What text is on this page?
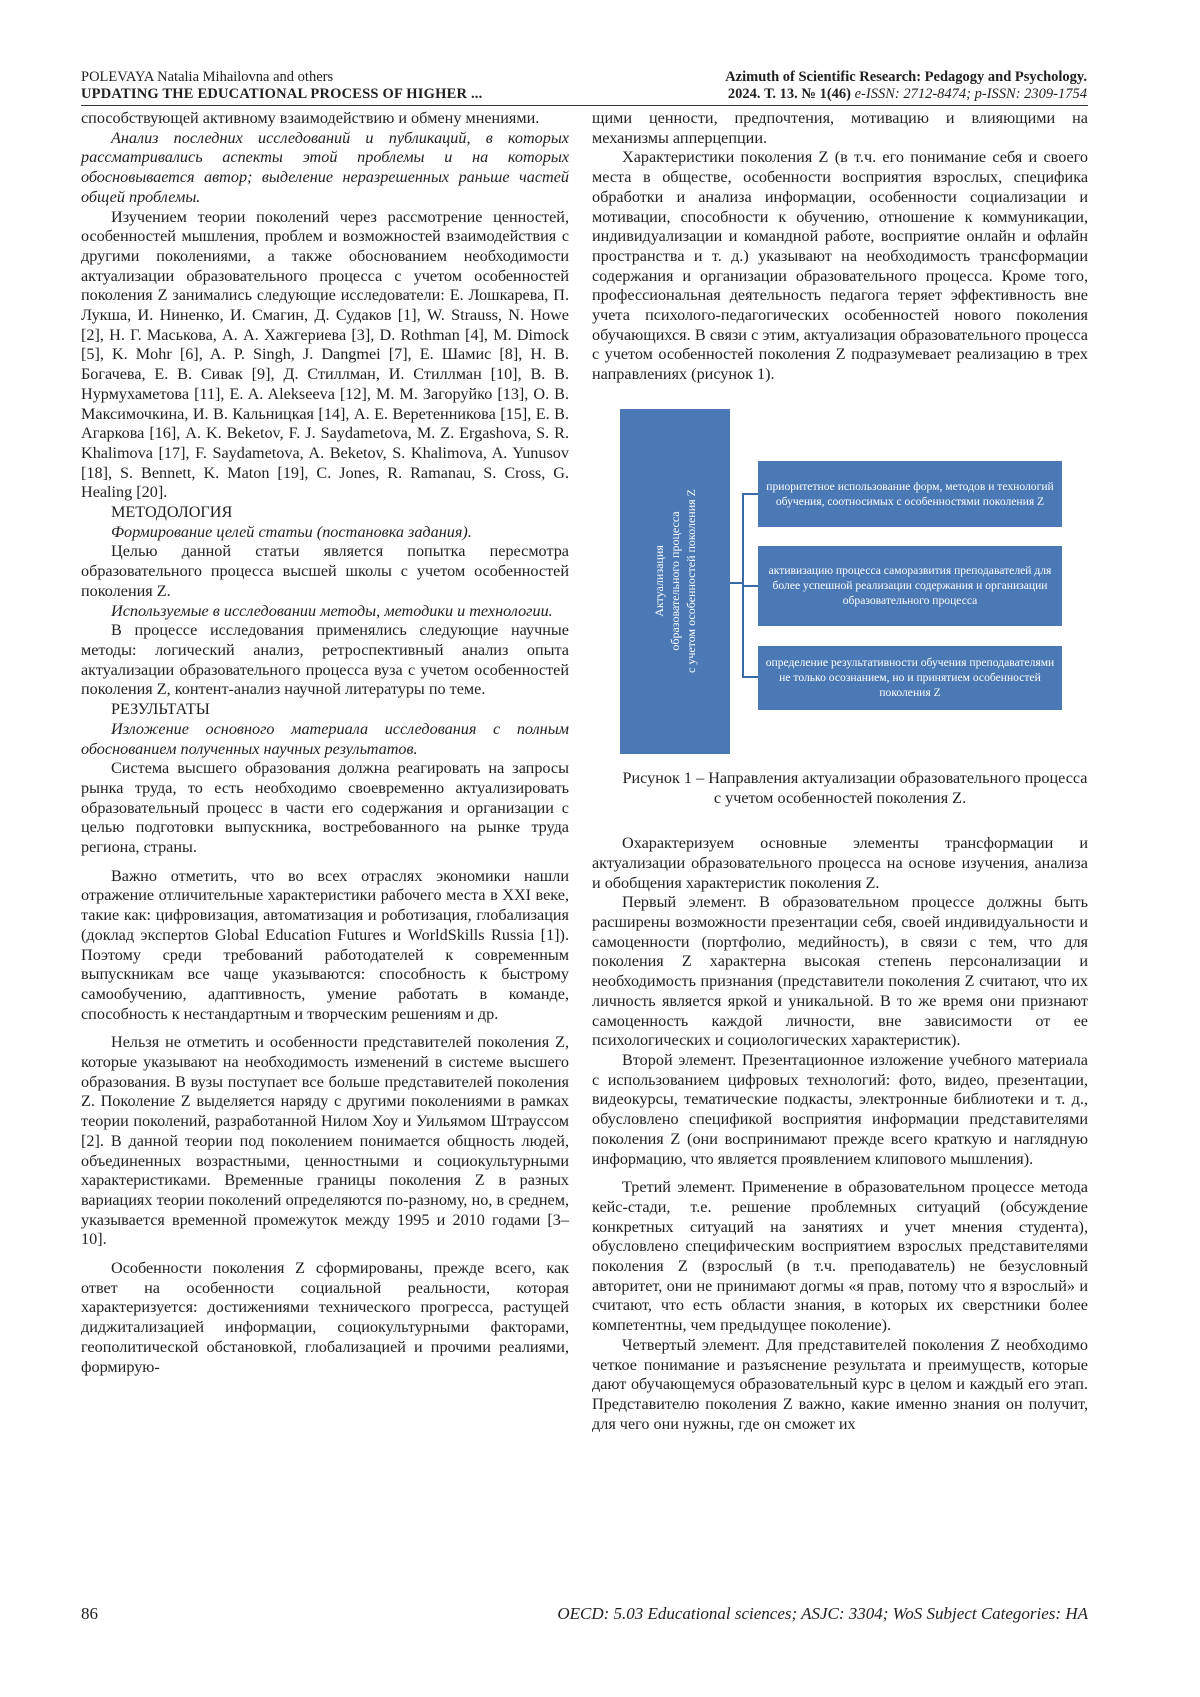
POLEVAYA Natalia Mihailovna and others
UPDATING THE EDUCATIONAL PROCESS OF HIGHER ...
Azimuth of Scientific Research: Pedagogy and Psychology.
2024. Т. 13. № 1(46) e-ISSN: 2712-8474; p-ISSN: 2309-1754

способствующей активному взаимодействию и обмену мнениями.

Анализ последних исследований и публикаций, в которых рассматривались аспекты этой проблемы и на которых обосновывается автор; выделение неразрешенных раньше частей общей проблемы.

Изучением теории поколений через рассмотрение ценностей, особенностей мышления, проблем и возможностей взаимодействия с другими поколениями, а также обоснованием необходимости актуализации образовательного процесса с учетом особенностей поколения Z занимались следующие исследователи: Е. Лошкарева, П. Лукша, И. Ниненко, И. Смагин, Д. Судаков [1], W. Strauss, N. Howe [2], Н. Г. Маськова, А. А. Хажгериева [3], D. Rothman [4], M. Dimock [5], K. Mohr [6], A. P. Singh, J. Dangmei [7], Е. Шамис [8], Н. В. Богачева, Е. В. Сивак [9], Д. Стиллман, И. Стиллман [10], В. В. Нурмухаметова [11], E. A. Alekseeva [12], М. М. Загоруйко [13], О. В. Максимочкина, И. В. Кальницкая [14], А. Е. Веретенникова [15], Е. В. Агаркова [16], A. K. Beketov, F. J. Saydametova, M. Z. Ergashova, S. R. Khalimova [17], F. Saydametova, A. Beketov, S. Khalimova, A. Yunusov [18], S. Bennett, K. Maton [19], C. Jones, R. Ramanau, S. Cross, G. Healing [20].

МЕТОДОЛОГИЯ

Формирование целей статьи (постановка задания).

Целью данной статьи является попытка пересмотра образовательного процесса высшей школы с учетом особенностей поколения Z.

Используемые в исследовании методы, методики и технологии.

В процессе исследования применялись следующие научные методы: логический анализ, ретроспективный анализ опыта актуализации образовательного процесса вуза с учетом особенностей поколения Z, контент-анализ научной литературы по теме.

РЕЗУЛЬТАТЫ

Изложение основного материала исследования с полным обоснованием полученных научных результатов.

Система высшего образования должна реагировать на запросы рынка труда, то есть необходимо своевременно актуализировать образовательный процесс в части его содержания и организации с целью подготовки выпускника, востребованного на рынке труда региона, страны.

Важно отметить, что во всех отраслях экономики нашли отражение отличительные характеристики рабочего места в XXI веке, такие как: цифровизация, автоматизация и роботизация, глобализация (доклад экспертов Global Education Futures и WorldSkills Russia [1]). Поэтому среди требований работодателей к современным выпускникам все чаще указываются: способность к быстрому самообучению, адаптивность, умение работать в команде, способность к нестандартным и творческим решениям и др.

Нельзя не отметить и особенности представителей поколения Z, которые указывают на необходимость изменений в системе высшего образования. В вузы поступает все больше представителей поколения Z. Поколение Z выделяется наряду с другими поколениями в рамках теории поколений, разработанной Нилом Хоу и Уильямом Штрауссом [2]. В данной теории под поколением понимается общность людей, объединенных возрастными, ценностными и социокультурными характеристиками. Временные границы поколения Z в разных вариациях теории поколений определяются по-разному, но, в среднем, указывается временной промежуток между 1995 и 2010 годами [3–10].

Особенности поколения Z сформированы, прежде всего, как ответ на особенности социальной реальности, которая характеризуется: достижениями технического прогресса, растущей диджитализацией информации, социокультурными факторами, геополитической обстановкой, глобализацией и прочими реалиями, формирую-

щими ценности, предпочтения, мотивацию и влияющими на механизмы апперцепции.

Характеристики поколения Z (в т.ч. его понимание себя и своего места в обществе, особенности восприятия взрослых, специфика обработки и анализа информации, особенности социализации и мотивации, способности к обучению, отношение к коммуникации, индивидуализации и командной работе, восприятие онлайн и офлайн пространства и т. д.) указывают на необходимость трансформации содержания и организации образовательного процесса. Кроме того, профессиональная деятельность педагога теряет эффективность вне учета психолого-педагогических особенностей нового поколения обучающихся. В связи с этим, актуализация образовательного процесса с учетом особенностей поколения Z подразумевает реализацию в трех направлениях (рисунок 1).

Актуализация
образовательного процесса
с учетом особенностей поколения Z
приоритетное использование форм, методов и технологий обучения, соотносимых с особенностями поколения Z
активизацию процесса саморазвития преподавателей для более успешной реализации содержания и организации образовательного процесса
определение результативности обучения преподавателями не только осознанием, но и принятием особенностей поколения Z

Рисунок 1 – Направления актуализации образовательного процесса с учетом особенностей поколения Z.

Охарактеризуем основные элементы трансформации и актуализации образовательного процесса на основе изучения, анализа и обобщения характеристик поколения Z.

Первый элемент. В образовательном процессе должны быть расширены возможности презентации себя, своей индивидуальности и самоценности (портфолио, медийность), в связи с тем, что для поколения Z характерна высокая степень персонализации и необходимость признания (представители поколения Z считают, что их личность является яркой и уникальной. В то же время они признают самоценность каждой личности, вне зависимости от ее психологических и социологических характеристик).

Второй элемент. Презентационное изложение учебного материала с использованием цифровых технологий: фото, видео, презентации, видеокурсы, тематические подкасты, электронные библиотеки и т. д., обусловлено спецификой восприятия информации представителями поколения Z (они воспринимают прежде всего краткую и наглядную информацию, что является проявлением клипового мышления).

Третий элемент. Применение в образовательном процессе метода кейс-стади, т.е. решение проблемных ситуаций (обсуждение конкретных ситуаций на занятиях и учет мнения студента), обусловлено специфическим восприятием взрослых представителями поколения Z (взрослый (в т.ч. преподаватель) не безусловный авторитет, они не принимают догмы «я прав, потому что я взрослый» и считают, что есть области знания, в которых их сверстники более компетентны, чем предыдущее поколение).

Четвертый элемент. Для представителей поколения Z необходимо четкое понимание и разъяснение результата и преимуществ, которые дают обучающемуся образовательный курс в целом и каждый его этап. Представителю поколения Z важно, какие именно знания он получит, для чего они нужны, где он сможет их

86	OECD: 5.03 Educational sciences; ASJC: 3304; WoS Subject Categories: HA
